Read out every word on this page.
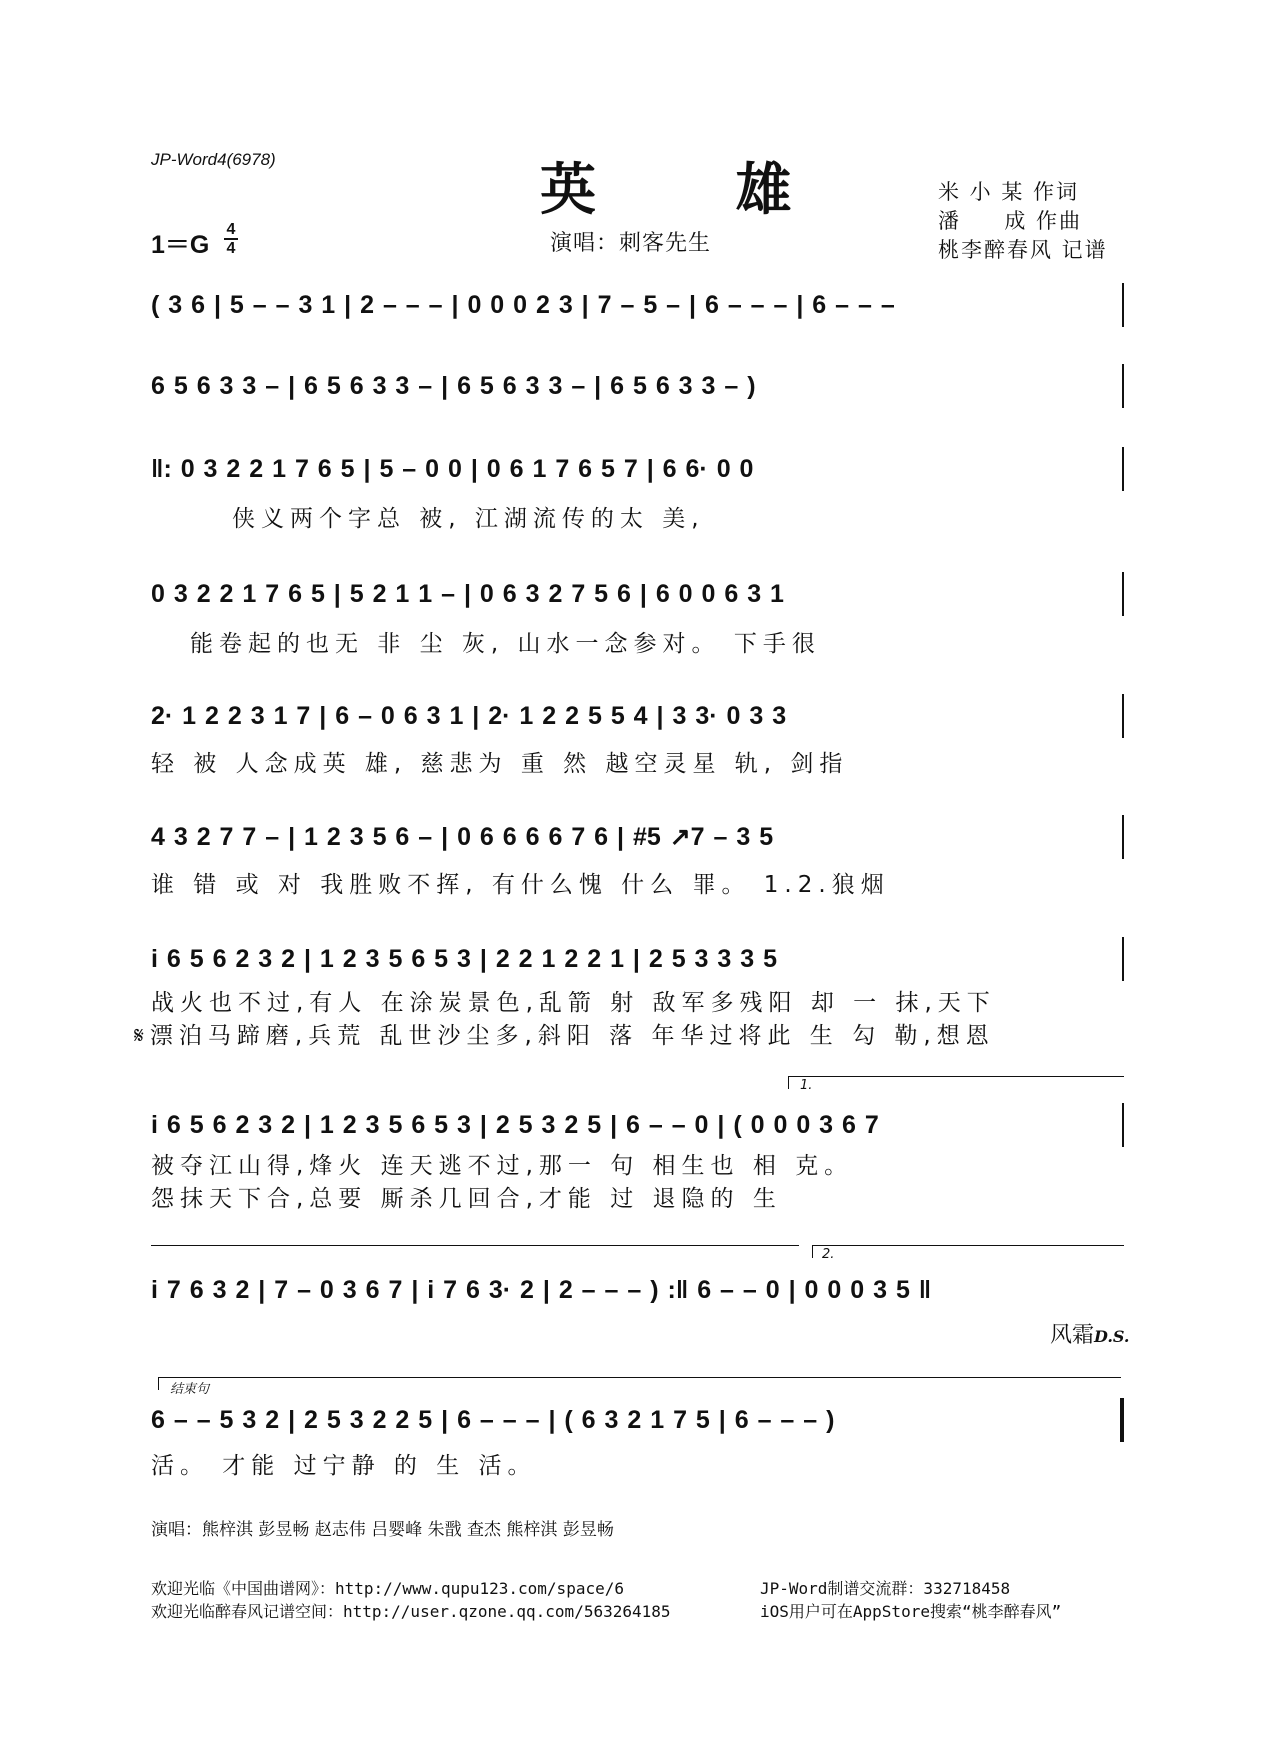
JP-Word4(6978)	英 雄	米 小 某 作词
潘     成 作曲
桃李醉春风 记谱
1＝G
4
4	演唱：刺客先生
( 3 6 | 5 – – 3 1 | 2 – – – | 0 0 0 2 3 | 7 – 5 – | 6 – – – | 6 – – –
6 5 6 3 3 – | 6 5 6 3 3 – | 6 5 6 3 3 – | 6 5 6 3 3 – )
‖: 0 3 2 2 1 7 6 5 | 5 – 0 0 | 0 6 1 7 6 5 7 | 6 6· 0 0
侠义两个字总 被, 江湖流传的太 美,
0 3 2 2 1 7 6 5 | 5 2 1 1 – | 0 6 3 2 7 5 6 | 6 0 0 6 3 1
能卷起的也无 非 尘 灰, 山水一念参对。 下手很
2· 1 2 2 3 1 7 | 6 – 0 6 3 1 | 2· 1 2 2 5 5 4 | 3 3· 0 3 3
轻 被 人念成英 雄, 慈悲为 重 然 越空灵星 轨, 剑指
4 3 2 7 7 – | 1 2 3 5 6 – | 0 6 6 6 6 7 6 | #5 ↗7 – 3 5
谁 错 或 对 我胜败不挥, 有什么愧 什么 罪。 1.2.狼烟
i 6 5 6 2 3 2 | 1 2 3 5 6 5 3 | 2 2 1 2 2 1 | 2 5 3 3 3 5
战火也不过,有人 在涂炭景色,乱箭 射 敌军多残阳 却 一 抹,天下
𝄋漂泊马蹄磨,兵荒 乱世沙尘多,斜阳 落 年华过将此 生 勾 勒,想恩
1.
i 6 5 6 2 3 2 | 1 2 3 5 6 5 3 | 2 5 3 2 5 | 6 – – 0 | ( 0 0 0 3 6 7
被夺江山得,烽火 连天逃不过,那一 句 相生也 相 克。
怨抹天下合,总要 厮杀几回合,才能 过 退隐的 生
2.
i 7 6 3 2 | 7 – 0 3 6 7 | i 7 6 3· 2 | 2 – – – ) :‖ 6 – – 0 | 0 0 0 3 5 ‖
风霜D.S.
结束句
6 – – 5 3 2 | 2 5 3 2 2 5 | 6 – – – | ( 6 3 2 1 7 5 | 6 – – – )
活。 才能 过宁静 的 生 活。
演唱：熊梓淇 彭昱畅 赵志伟 吕婴峰 朱戬 查杰 熊梓淇 彭昱畅
欢迎光临《中国曲谱网》：http://www.qupu123.com/space/6
欢迎光临醉春风记谱空间：http://user.qzone.qq.com/563264185
JP-Word制谱交流群：332718458
iOS用户可在AppStore搜索“桃李醉春风”
